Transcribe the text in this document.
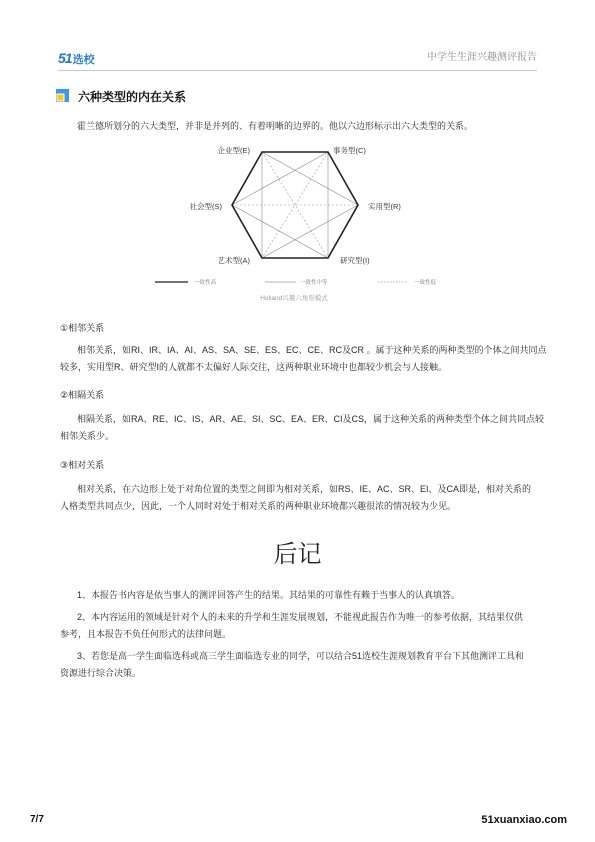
51选校	中学生生涯兴趣测评报告
六种类型的内在关系
霍兰德所划分的六大类型，并非是并列的、有着明晰的边界的。他以六边形标示出六大类型的关系。
企业型(E)	事务型(C)
社会型(S)	实用型(R)
艺术型(A)	研究型(I)
一致性高	一致性中等	一致性低
Holland兴趣六角形模式
①相邻关系
相邻关系，如RI、IR、IA、AI、AS、SA、SE、ES、EC、CE、RC及CR 。属于这种关系的两种类型的个体之间共同点
较多，实用型R、研究型I的人就都不太偏好人际交往，这两种职业环境中也都较少机会与人接触。
②相隔关系
相隔关系，如RA、RE、IC、IS、AR、AE、SI、SC、EA、ER、CI及CS，属于这种关系的两种类型个体之间共同点较
相邻关系少。
③相对关系
相对关系，在六边形上处于对角位置的类型之间即为相对关系，如RS、IE、AC、SR、EI、及CA即是，相对关系的
人格类型共同点少，因此，一个人同时对处于相对关系的两种职业环境都兴趣很浓的情况较为少见。
后记
1、本报告书内容是依当事人的测评回答产生的结果。其结果的可靠性有赖于当事人的认真填答。
2、本内容运用的领域是针对个人的未来的升学和生涯发展规划，不能视此报告作为唯一的参考依据，其结果仅供
参考，且本报告不负任何形式的法律问题。
3、若您是高一学生面临选科或高三学生面临选专业的同学，可以结合51选校生涯规划教育平台下其他测评工具和
资源进行综合决策。
7/7	51xuanxiao.com
